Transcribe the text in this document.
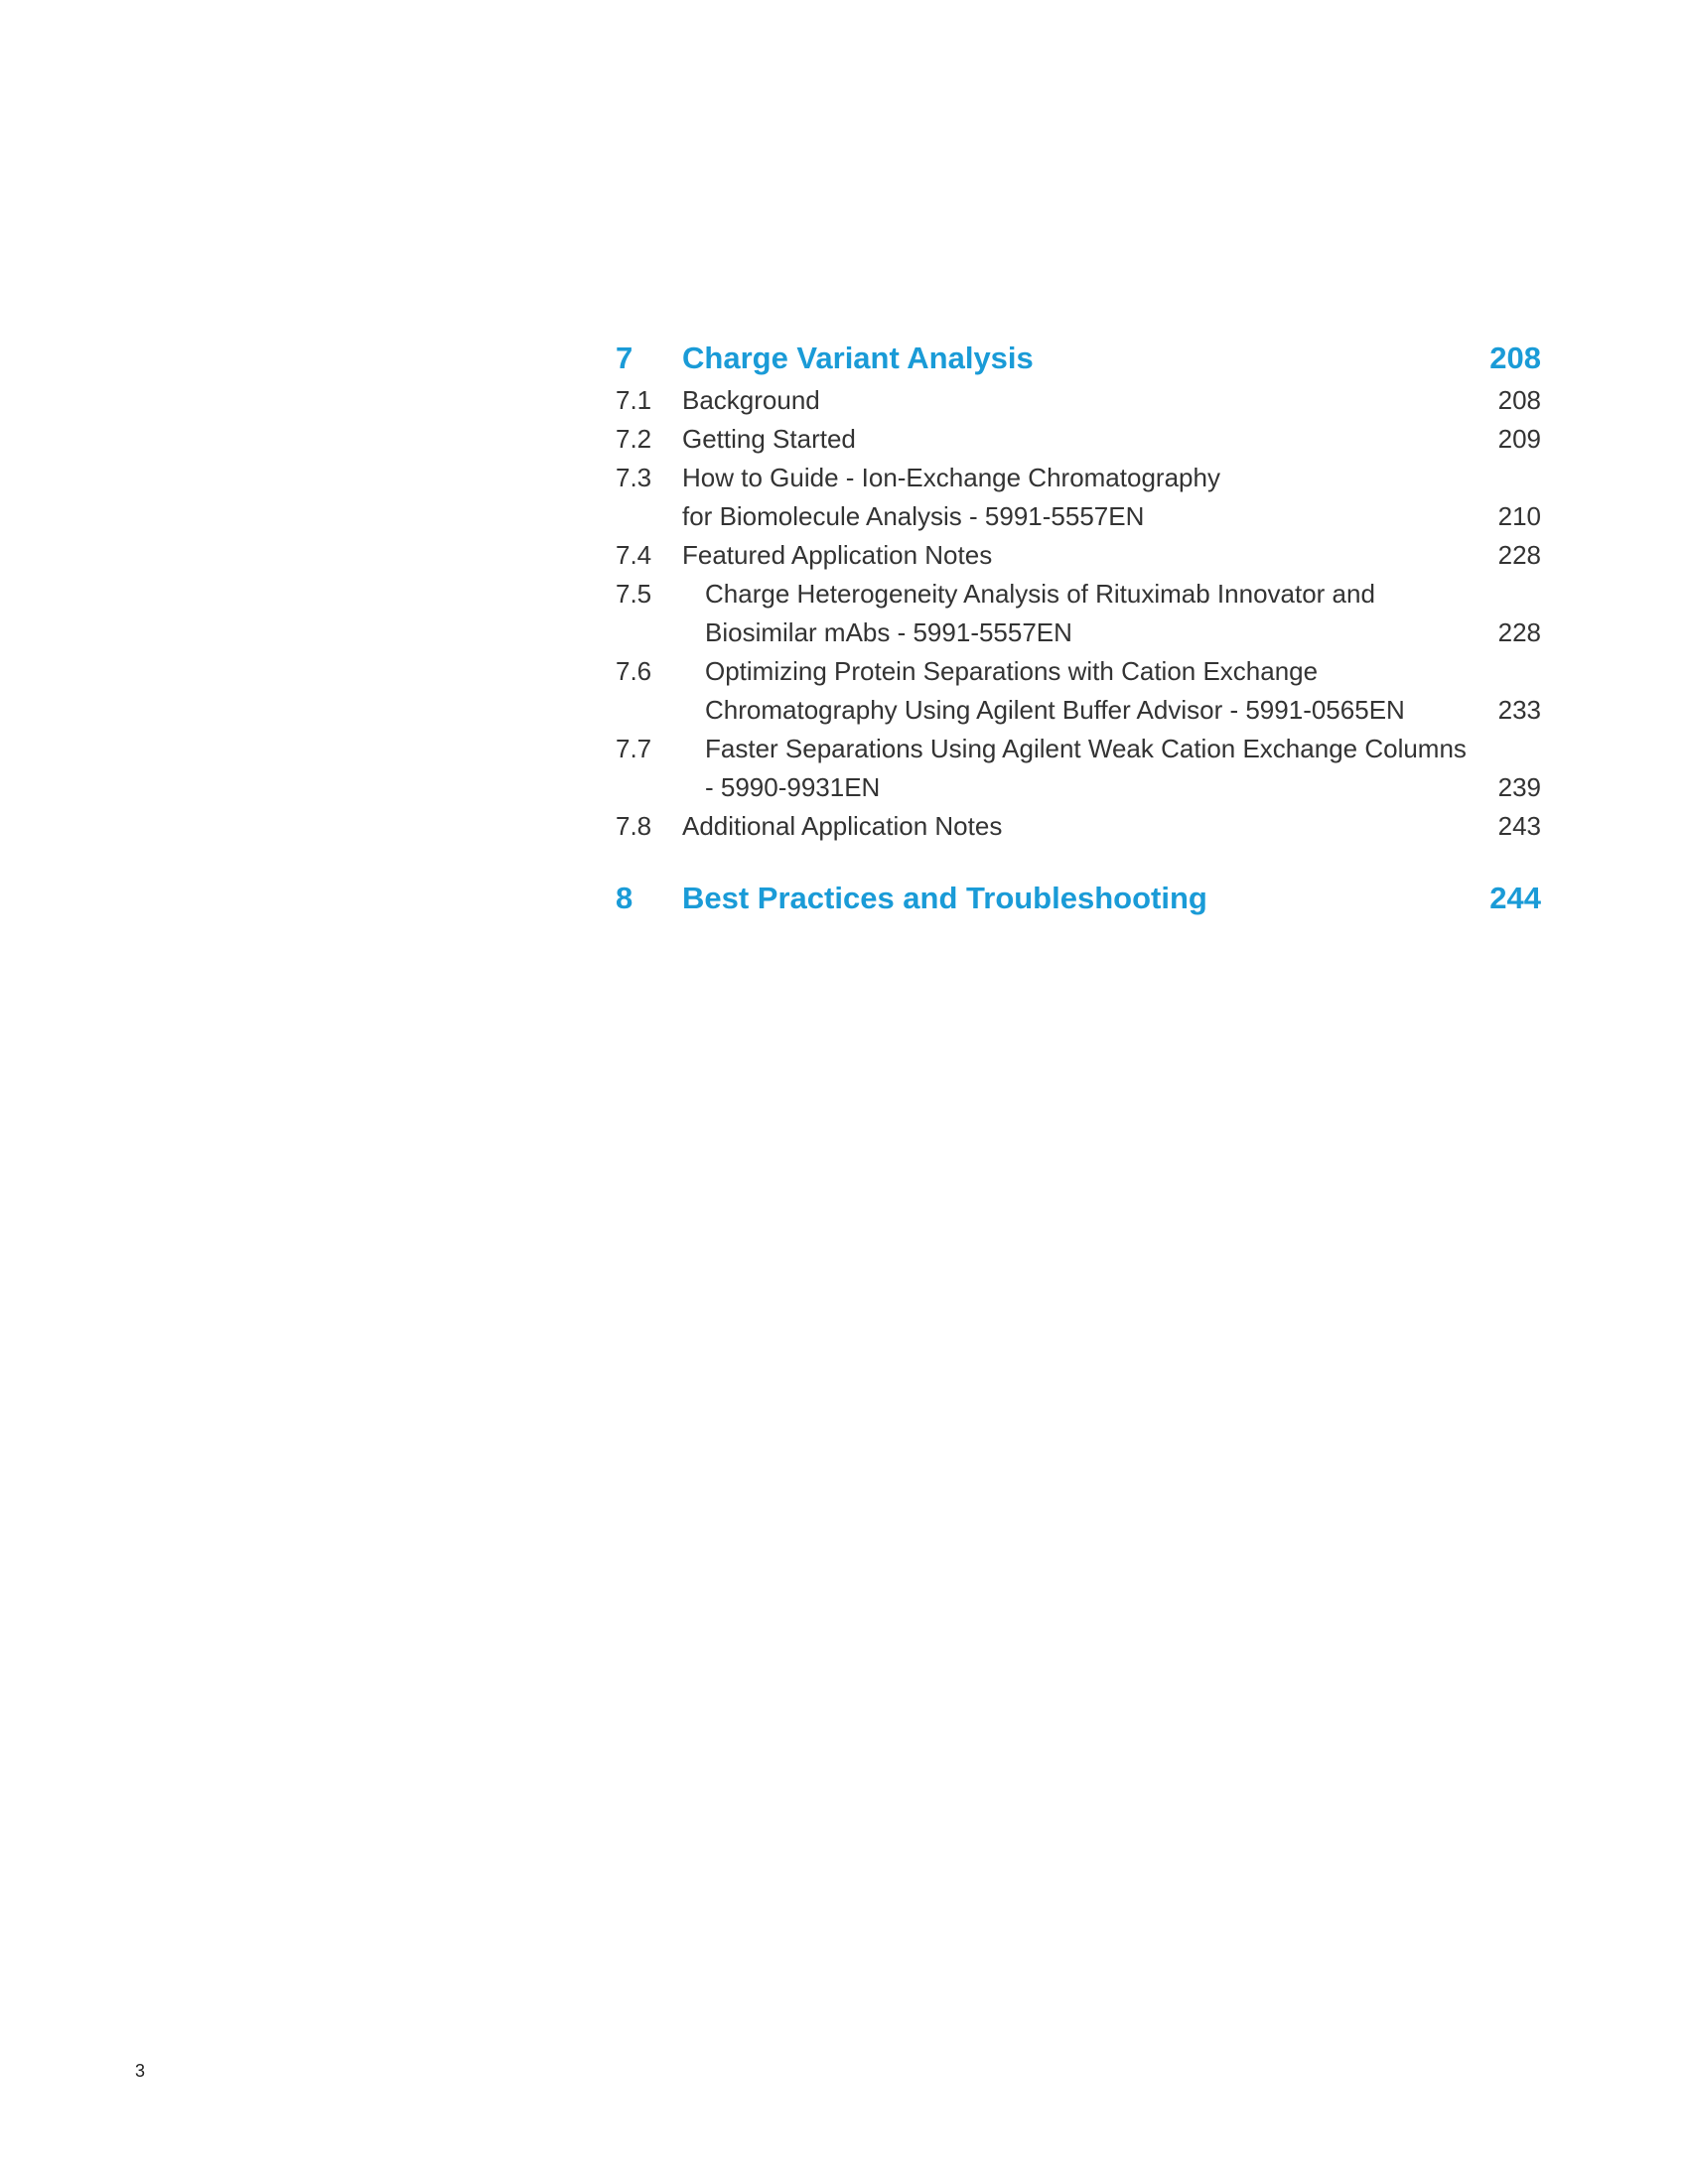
7 Charge Variant Analysis	208
7.1 Background	208
7.2 Getting Started	209
7.3 How to Guide - Ion-Exchange Chromatography
for Biomolecule Analysis - 5991-5557EN	210
7.4 Featured Application Notes	228
7.5 Charge Heterogeneity Analysis of Rituximab Innovator and
Biosimilar mAbs - 5991-5557EN	228
7.6 Optimizing Protein Separations with Cation Exchange
Chromatography Using Agilent Buffer Advisor - 5991-0565EN	233
7.7 Faster Separations Using Agilent Weak Cation Exchange Columns
- 5990-9931EN	239
7.8 Additional Application Notes	243
8 Best Practices and Troubleshooting	244
3
